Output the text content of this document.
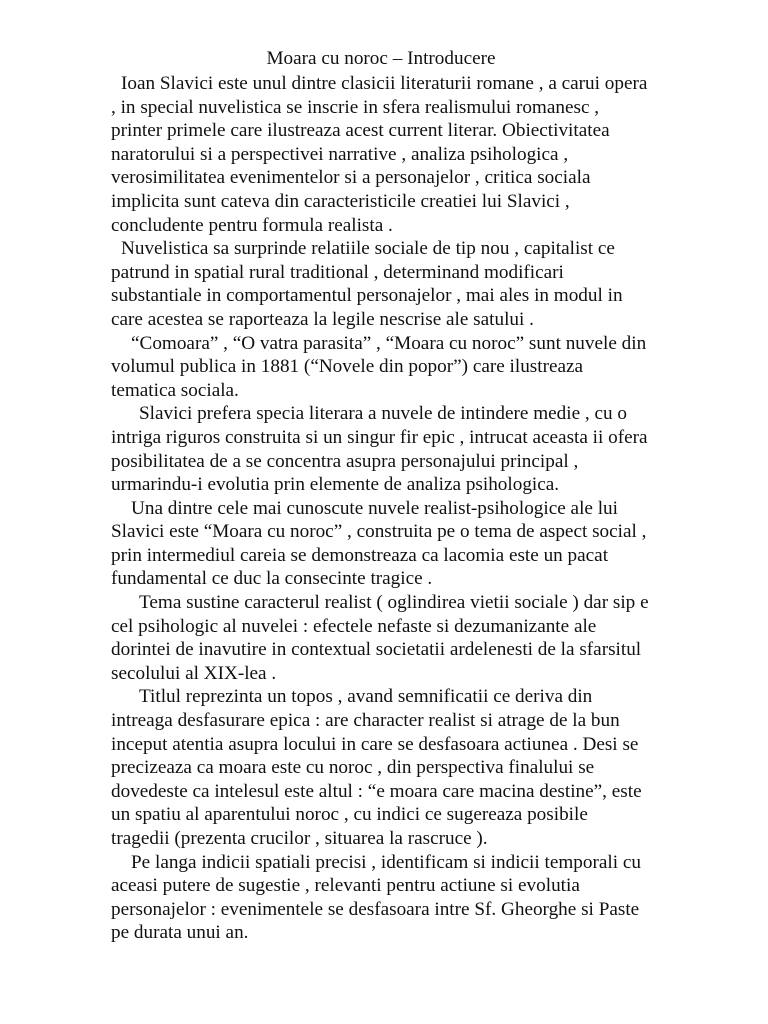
Moara cu noroc – Introducere

Ioan Slavici este unul dintre clasicii literaturii romane , a carui opera , in special nuvelistica se inscrie in sfera realismului romanesc , printer primele care ilustreaza acest current literar. Obiectivitatea naratorului si a perspectivei narrative , analiza psihologica , verosimilitatea evenimentelor si a personajelor , critica sociala implicita sunt cateva din caracteristicile creatiei lui Slavici , concludente pentru formula realista .

Nuvelistica sa surprinde relatiile sociale de tip nou , capitalist ce patrund in spatial rural traditional , determinand modificari substantiale in comportamentul personajelor , mai ales in modul in care acestea se raporteaza la legile nescrise ale satului .

“Comoara” , “O vatra parasita” , “Moara cu noroc” sunt nuvele din volumul publica in 1881 (“Novele din popor”) care ilustreaza tematica sociala.

Slavici prefera specia literara a nuvele de intindere medie , cu o intriga riguros construita si un singur fir epic , intrucat aceasta ii ofera posibilitatea de a se concentra asupra personajului principal , urmarindu-i evolutia prin elemente de analiza psihologica.

Una dintre cele mai cunoscute nuvele realist-psihologice ale lui Slavici este “Moara cu noroc” , construita pe o tema de aspect social , prin intermediul careia se demonstreaza ca lacomia este un pacat fundamental ce duc la consecinte tragice .

Tema sustine caracterul realist ( oglindirea vietii sociale ) dar sip e cel psihologic al nuvelei : efectele nefaste si dezumanizante ale dorintei de inavutire in contextual societatii ardelenesti de la sfarsitul secolului al XIX-lea .

Titlul reprezinta un topos , avand semnificatii ce deriva din intreaga desfasurare epica : are character realist si atrage de la bun inceput atentia asupra locului in care se desfasoara actiunea . Desi se precizeaza ca moara este cu noroc , din perspectiva finalului se dovedeste ca intelesul este altul : “e moara care macina destine”, este un spatiu al aparentului noroc , cu indici ce sugereaza posibile tragedii (prezenta crucilor , situarea la rascruce ).

Pe langa indicii spatiali precisi , identificam si indicii temporali cu aceasi putere de sugestie , relevanti pentru actiune si evolutia personajelor : evenimentele se desfasoara intre Sf. Gheorghe si Paste pe durata unui an.
